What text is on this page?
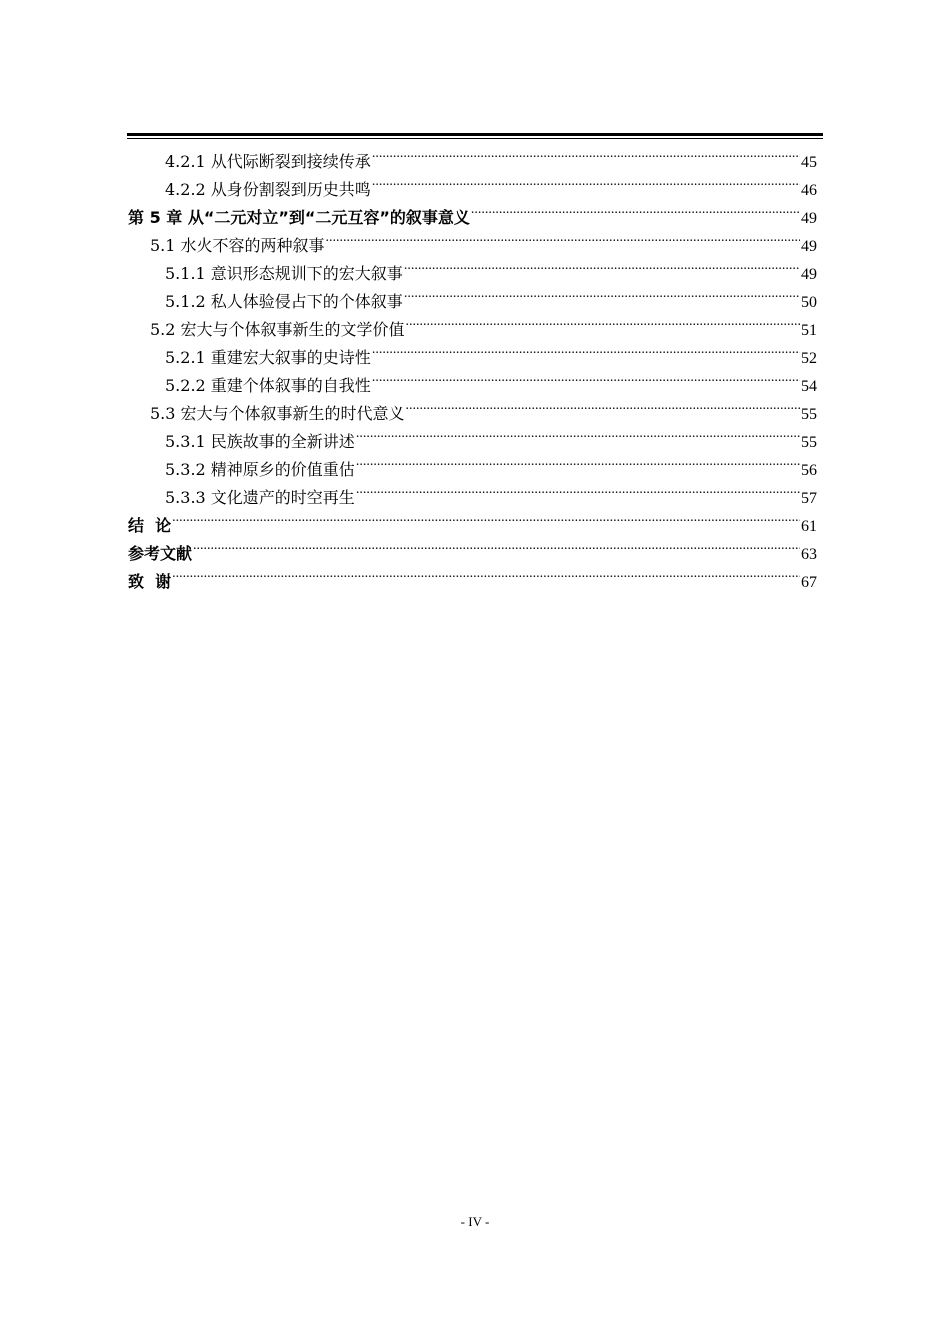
4.2.1 从代际断裂到接续传承 .....	45
4.2.2 从身份割裂到历史共鸣 .....	46
第 5 章 从“二元对立”到“二元互容”的叙事意义 .....	49
5.1 水火不容的两种叙事 .....	49
5.1.1 意识形态规训下的宏大叙事 .....	49
5.1.2 私人体验侵占下的个体叙事 .....	50
5.2 宏大与个体叙事新生的文学价值 .....	51
5.2.1 重建宏大叙事的史诗性 .....	52
5.2.2 重建个体叙事的自我性 .....	54
5.3 宏大与个体叙事新生的时代意义 .....	55
5.3.1 民族故事的全新讲述 .....	55
5.3.2 精神原乡的价值重估 .....	56
5.3.3 文化遗产的时空再生 .....	57
结  论 .....	61
参考文献 .....	63
致  谢 .....	67
- IV -
